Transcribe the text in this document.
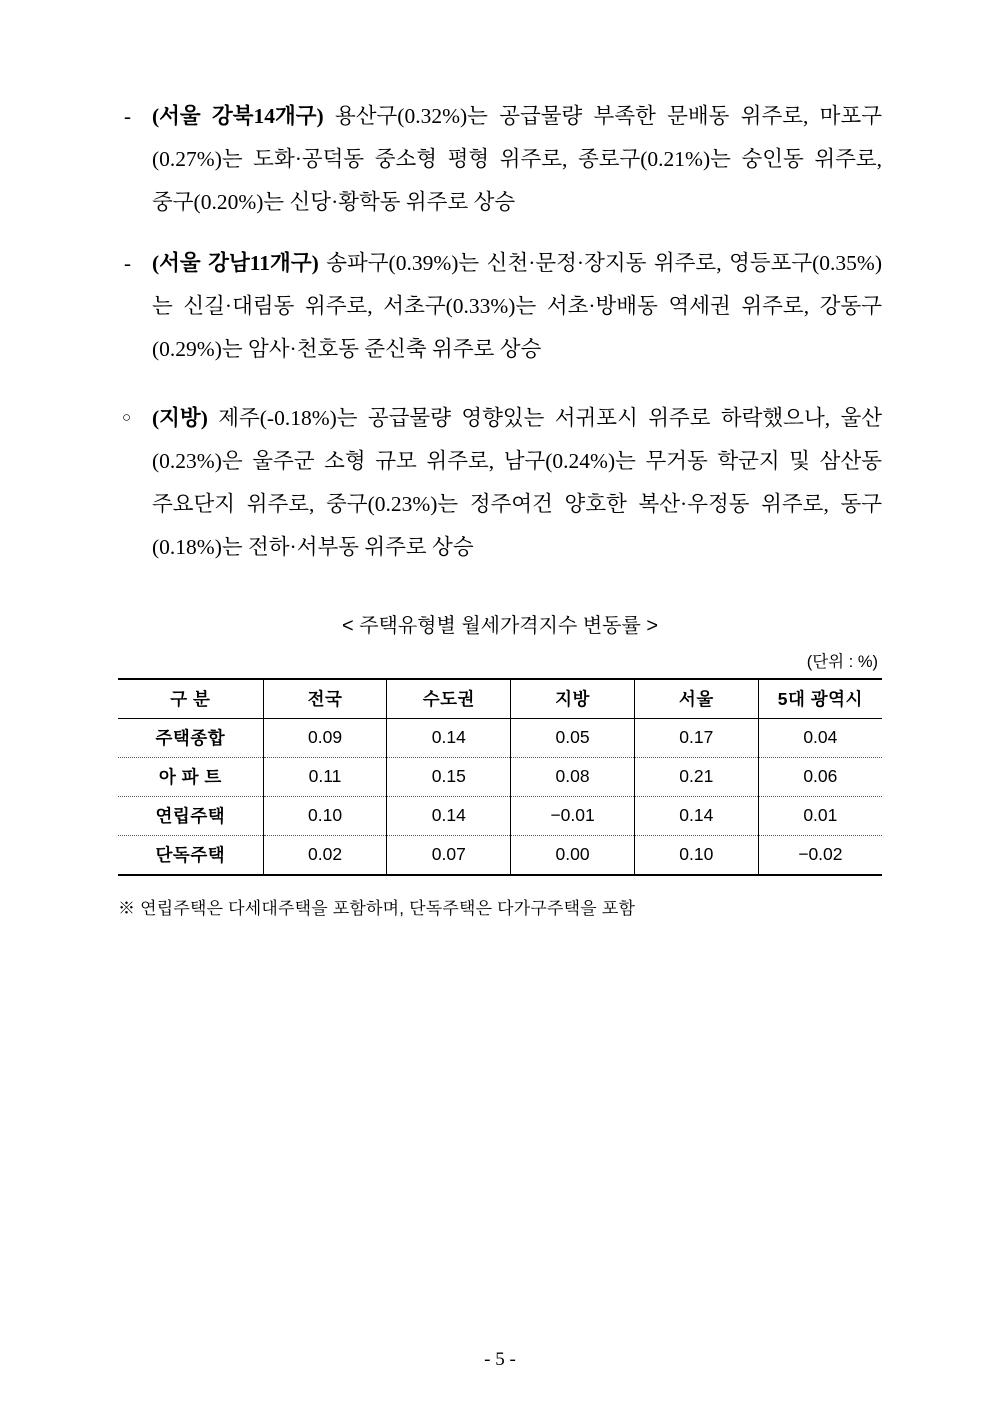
- (서울 강북14개구) 용산구(0.32%)는 공급물량 부족한 문배동 위주로, 마포구(0.27%)는 도화·공덕동 중소형 평형 위주로, 종로구(0.21%)는 숭인동 위주로, 중구(0.20%)는 신당·황학동 위주로 상승
- (서울 강남11개구) 송파구(0.39%)는 신천·문정·장지동 위주로, 영등포구(0.35%)는 신길·대림동 위주로, 서초구(0.33%)는 서초·방배동 역세권 위주로, 강동구(0.29%)는 암사·천호동 준신축 위주로 상승
○ (지방) 제주(-0.18%)는 공급물량 영향있는 서귀포시 위주로 하락했으나, 울산(0.23%)은 울주군 소형 규모 위주로, 남구(0.24%)는 무거동 학군지 및 삼산동 주요단지 위주로, 중구(0.23%)는 정주여건 양호한 복산·우정동 위주로, 동구(0.18%)는 전하·서부동 위주로 상승
< 주택유형별 월세가격지수 변동률 >
(단위 : %)
구 분	전국	수도권	지방	서울	5대 광역시
주택종합	0.09	0.14	0.05	0.17	0.04
아 파 트	0.11	0.15	0.08	0.21	0.06
연립주택	0.10	0.14	−0.01	0.14	0.01
단독주택	0.02	0.07	0.00	0.10	−0.02
※ 연립주택은 다세대주택을 포함하며, 단독주택은 다가구주택을 포함
- 5 -
